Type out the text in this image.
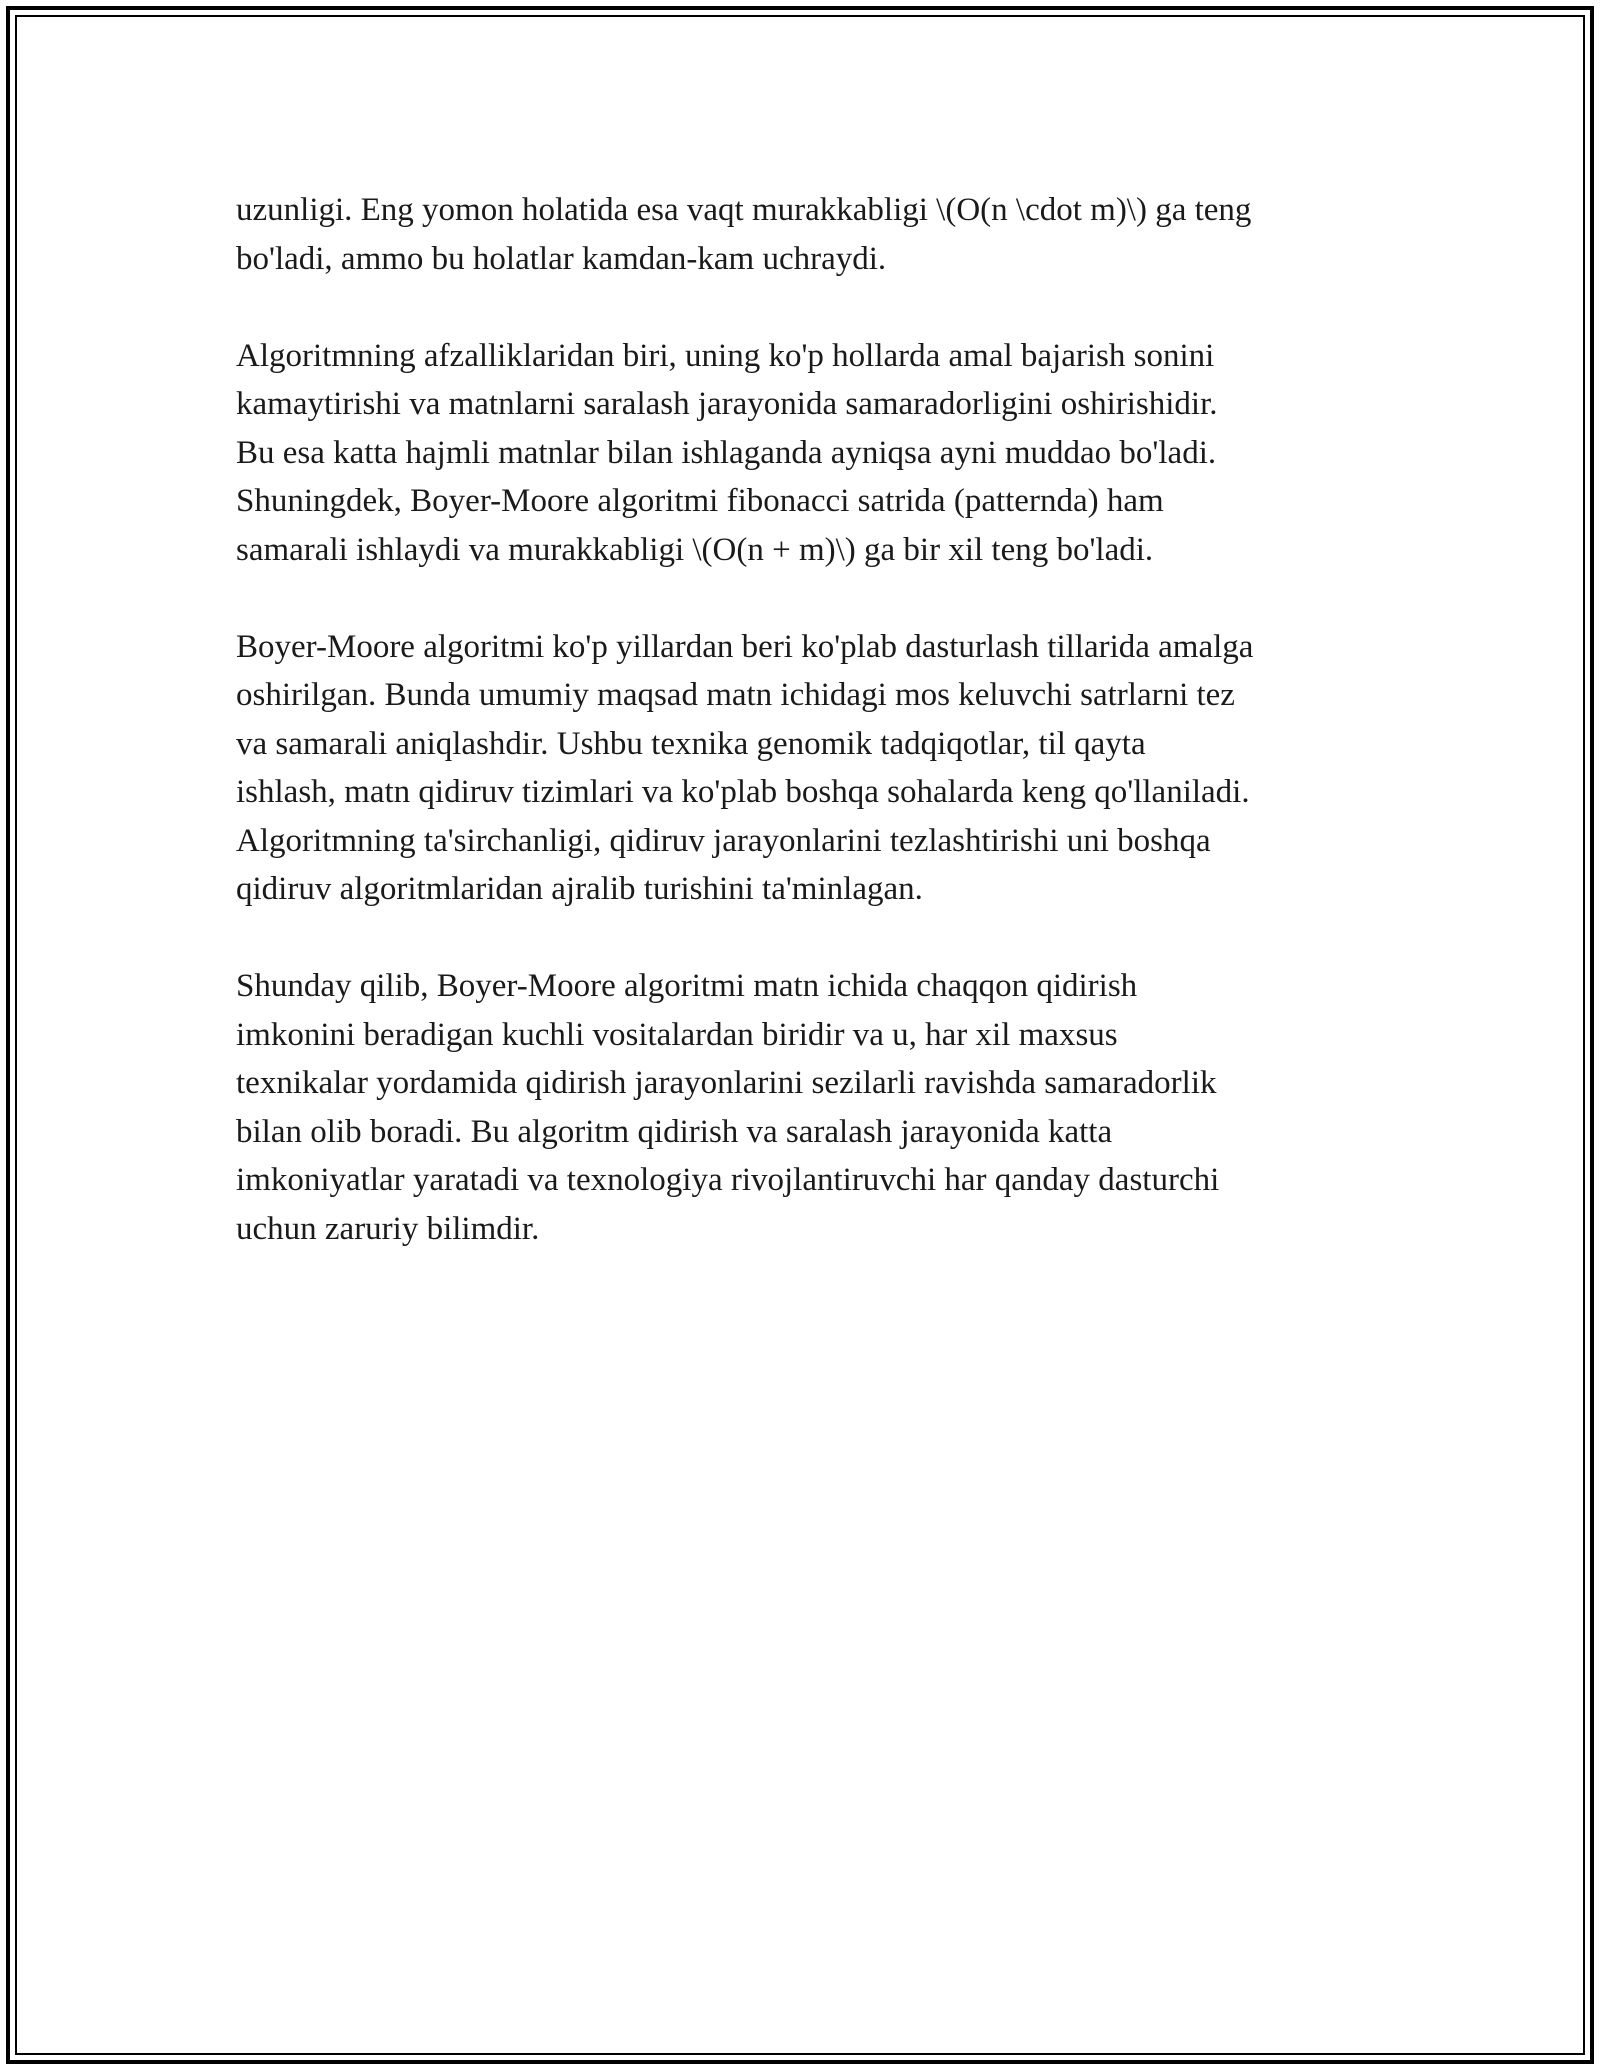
uzunligi. Eng yomon holatida esa vaqt murakkabligi \(O(n \cdot m)\) ga teng
bo'ladi, ammo bu holatlar kamdan-kam uchraydi.

Algoritmning afzalliklaridan biri, uning ko'p hollarda amal bajarish sonini
kamaytirishi va matnlarni saralash jarayonida samaradorligini oshirishidir.
Bu esa katta hajmli matnlar bilan ishlaganda ayniqsa ayni muddao bo'ladi.
Shuningdek, Boyer-Moore algoritmi fibonacci satrida (patternda) ham
samarali ishlaydi va murakkabligi \(O(n + m)\) ga bir xil teng bo'ladi.

Boyer-Moore algoritmi ko'p yillardan beri ko'plab dasturlash tillarida amalga
oshirilgan. Bunda umumiy maqsad matn ichidagi mos keluvchi satrlarni tez
va samarali aniqlashdir. Ushbu texnika genomik tadqiqotlar, til qayta
ishlash, matn qidiruv tizimlari va ko'plab boshqa sohalarda keng qo'llaniladi.
Algoritmning ta'sirchanligi, qidiruv jarayonlarini tezlashtirishi uni boshqa
qidiruv algoritmlaridan ajralib turishini ta'minlagan.

Shunday qilib, Boyer-Moore algoritmi matn ichida chaqqon qidirish
imkonini beradigan kuchli vositalardan biridir va u, har xil maxsus
texnikalar yordamida qidirish jarayonlarini sezilarli ravishda samaradorlik
bilan olib boradi. Bu algoritm qidirish va saralash jarayonida katta
imkoniyatlar yaratadi va texnologiya rivojlantiruvchi har qanday dasturchi
uchun zaruriy bilimdir.
